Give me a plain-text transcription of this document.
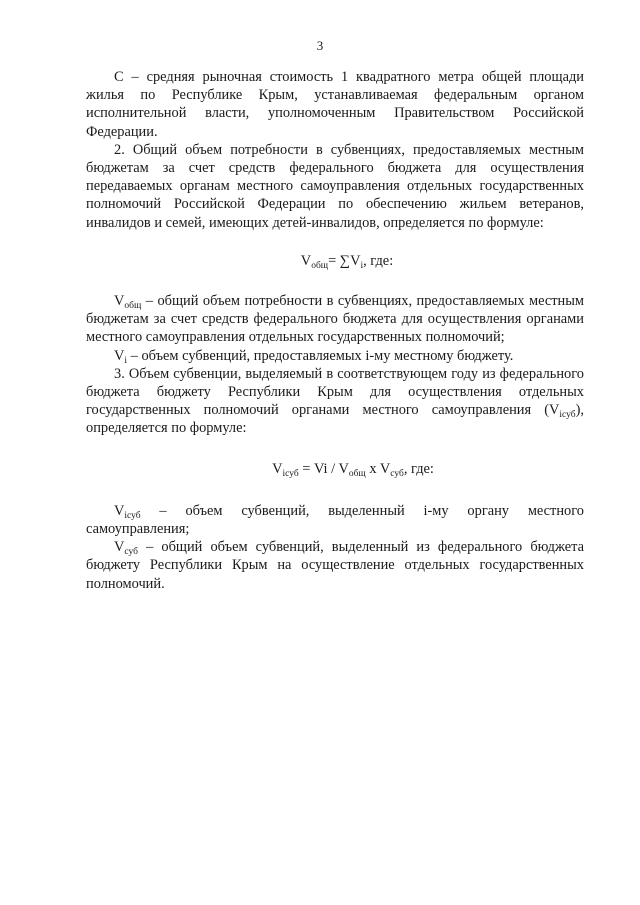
3

С – средняя рыночная стоимость 1 квадратного метра общей площади жилья по Республике Крым, устанавливаемая федеральным органом исполнительной власти, уполномоченным Правительством Российской Федерации.

2. Общий объем потребности в субвенциях, предоставляемых местным бюджетам за счет средств федерального бюджета для осуществления передаваемых органам местного самоуправления отдельных государственных полномочий Российской Федерации по обеспечению жильем ветеранов, инвалидов и семей, имеющих детей-инвалидов, определяется по формуле:

$V_{общ}= \sum V_i$, где:

$V_{общ}$ – общий объем потребности в субвенциях, предоставляемых местным бюджетам за счет средств федерального бюджета для осуществления органами местного самоуправления отдельных государственных полномочий;

$V_i$ – объем субвенций, предоставляемых i-му местному бюджету.

3. Объем субвенции, выделяемый в соответствующем году из федерального бюджета бюджету Республики Крым для осуществления отдельных государственных полномочий органами местного самоуправления $(V_{iсуб})$, определяется по формуле:

$V_{iсуб} = Vi / V_{общ}$ x $V_{суб}$, где:

$V_{iсуб}$ – объем субвенций, выделенный i-му органу местного самоуправления;

$V_{суб}$ – общий объем субвенций, выделенный из федерального бюджета бюджету Республики Крым на осуществление отдельных государственных полномочий.
